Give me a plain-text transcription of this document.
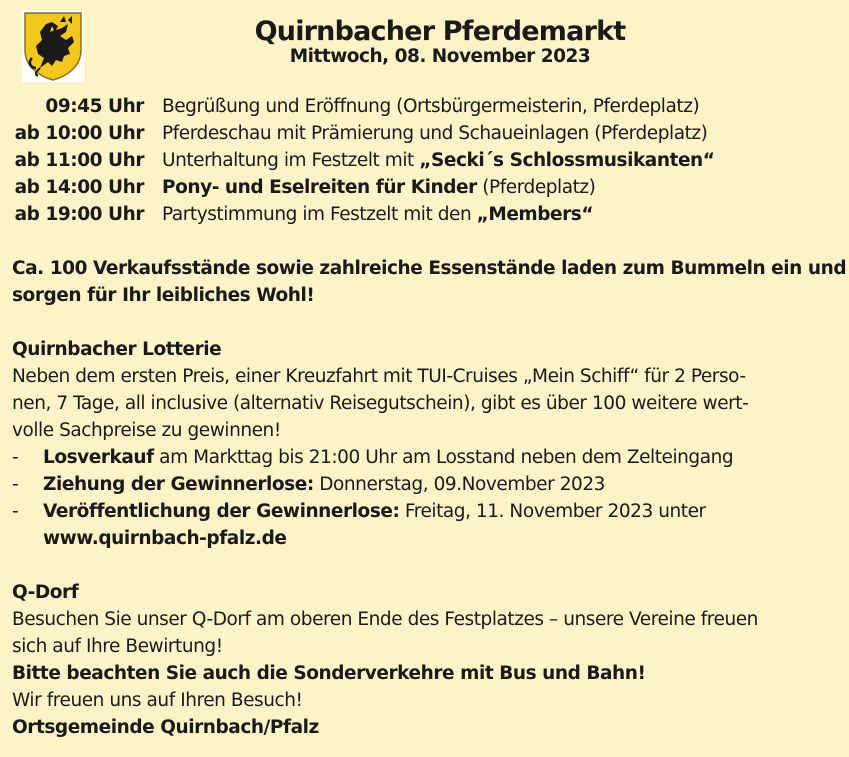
Quirnbacher Pferdemarkt
Mittwoch, 08. November 2023
09:45 Uhr Begrüßung und Eröffnung (Ortsbürgermeisterin, Pferdeplatz)
ab 10:00 Uhr Pferdeschau mit Prämierung und Schaueinlagen (Pferdeplatz)
ab 11:00 Uhr Unterhaltung im Festzelt mit „Secki´s Schlossmusikanten“
ab 14:00 Uhr Pony- und Eselreiten für Kinder (Pferdeplatz)
ab 19:00 Uhr Partystimmung im Festzelt mit den „Members“
Ca. 100 Verkaufsstände sowie zahlreiche Essenstände laden zum Bummeln ein und
sorgen für Ihr leibliches Wohl!
Quirnbacher Lotterie
Neben dem ersten Preis, einer Kreuzfahrt mit TUI-Cruises „Mein Schiff“ für 2 Perso-
nen, 7 Tage, all inclusive (alternativ Reisegutschein), gibt es über 100 weitere wert-
volle Sachpreise zu gewinnen!
-	Losverkauf am Markttag bis 21:00 Uhr am Losstand neben dem Zelteingang
-	Ziehung der Gewinnerlose: Donnerstag, 09.November 2023
-	Veröffentlichung der Gewinnerlose: Freitag, 11. November 2023 unter
www.quirnbach-pfalz.de
Q-Dorf
Besuchen Sie unser Q-Dorf am oberen Ende des Festplatzes – unsere Vereine freuen
sich auf Ihre Bewirtung!
Bitte beachten Sie auch die Sonderverkehre mit Bus und Bahn!
Wir freuen uns auf Ihren Besuch!
Ortsgemeinde Quirnbach/Pfalz
